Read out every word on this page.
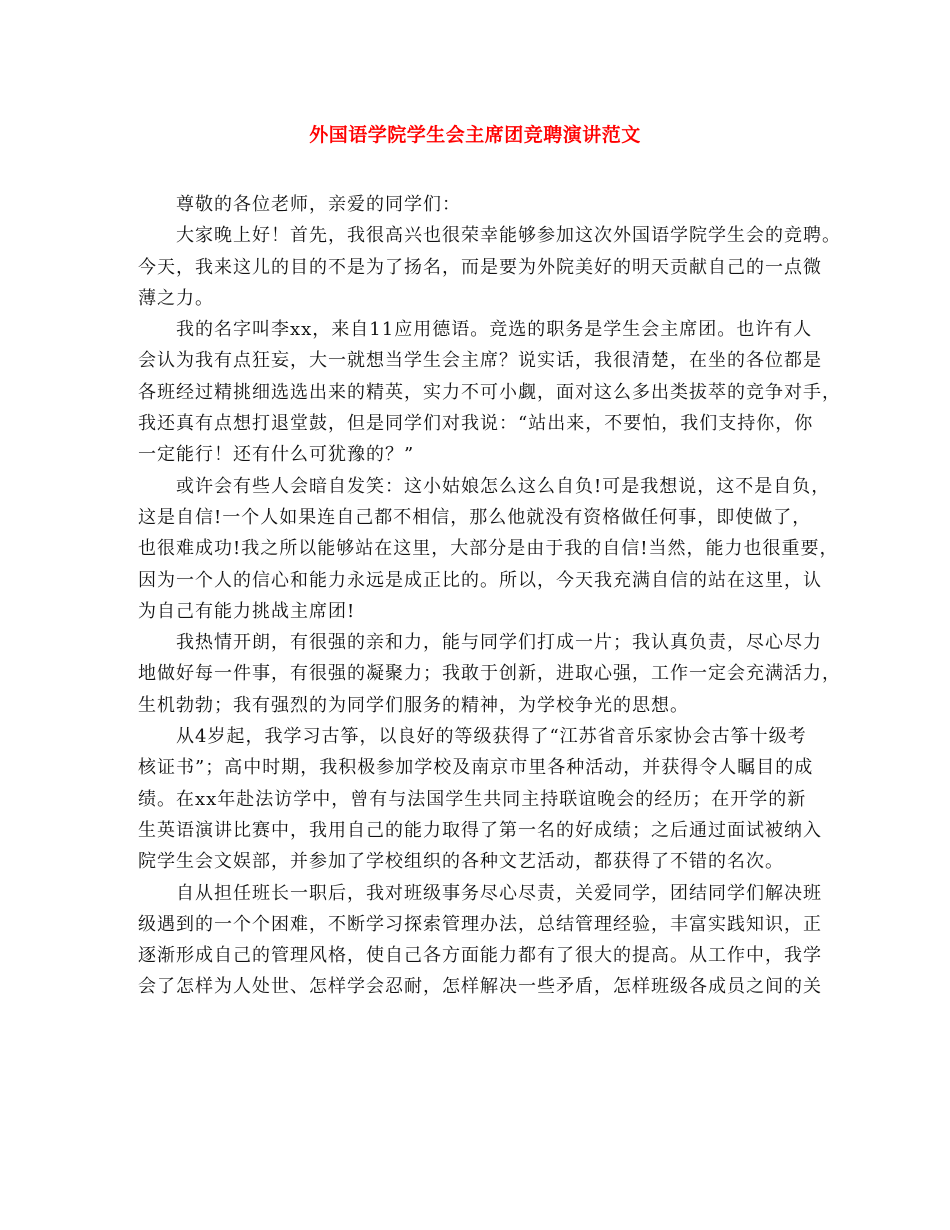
外国语学院学生会主席团竞聘演讲范文
尊敬的各位老师，亲爱的同学们：
大家晚上好！首先，我很高兴也很荣幸能够参加这次外国语学院学生会的竞聘。
今天，我来这儿的目的不是为了扬名，而是要为外院美好的明天贡献自己的一点微
薄之力。
我的名字叫李xx，来自11应用德语。竞选的职务是学生会主席团。也许有人
会认为我有点狂妄，大一就想当学生会主席？说实话，我很清楚，在坐的各位都是
各班经过精挑细选选出来的精英，实力不可小觑，面对这么多出类拔萃的竞争对手，
我还真有点想打退堂鼓，但是同学们对我说：“站出来，不要怕，我们支持你，你
一定能行！还有什么可犹豫的？”
或许会有些人会暗自发笑：这小姑娘怎么这么自负!可是我想说，这不是自负，
这是自信!一个人如果连自己都不相信，那么他就没有资格做任何事，即使做了，
也很难成功!我之所以能够站在这里，大部分是由于我的自信!当然，能力也很重要，
因为一个人的信心和能力永远是成正比的。所以，今天我充满自信的站在这里，认
为自己有能力挑战主席团!
我热情开朗，有很强的亲和力，能与同学们打成一片；我认真负责，尽心尽力
地做好每一件事，有很强的凝聚力；我敢于创新，进取心强，工作一定会充满活力，
生机勃勃；我有强烈的为同学们服务的精神，为学校争光的思想。
从4岁起，我学习古筝，以良好的等级获得了“江苏省音乐家协会古筝十级考
核证书”；高中时期，我积极参加学校及南京市里各种活动，并获得令人瞩目的成
绩。在xx年赴法访学中，曾有与法国学生共同主持联谊晚会的经历；在开学的新
生英语演讲比赛中，我用自己的能力取得了第一名的好成绩；之后通过面试被纳入
院学生会文娱部，并参加了学校组织的各种文艺活动，都获得了不错的名次。
自从担任班长一职后，我对班级事务尽心尽责，关爱同学，团结同学们解决班
级遇到的一个个困难，不断学习探索管理办法，总结管理经验，丰富实践知识，正
逐渐形成自己的管理风格，使自己各方面能力都有了很大的提高。从工作中，我学
会了怎样为人处世、怎样学会忍耐，怎样解决一些矛盾，怎样班级各成员之间的关
